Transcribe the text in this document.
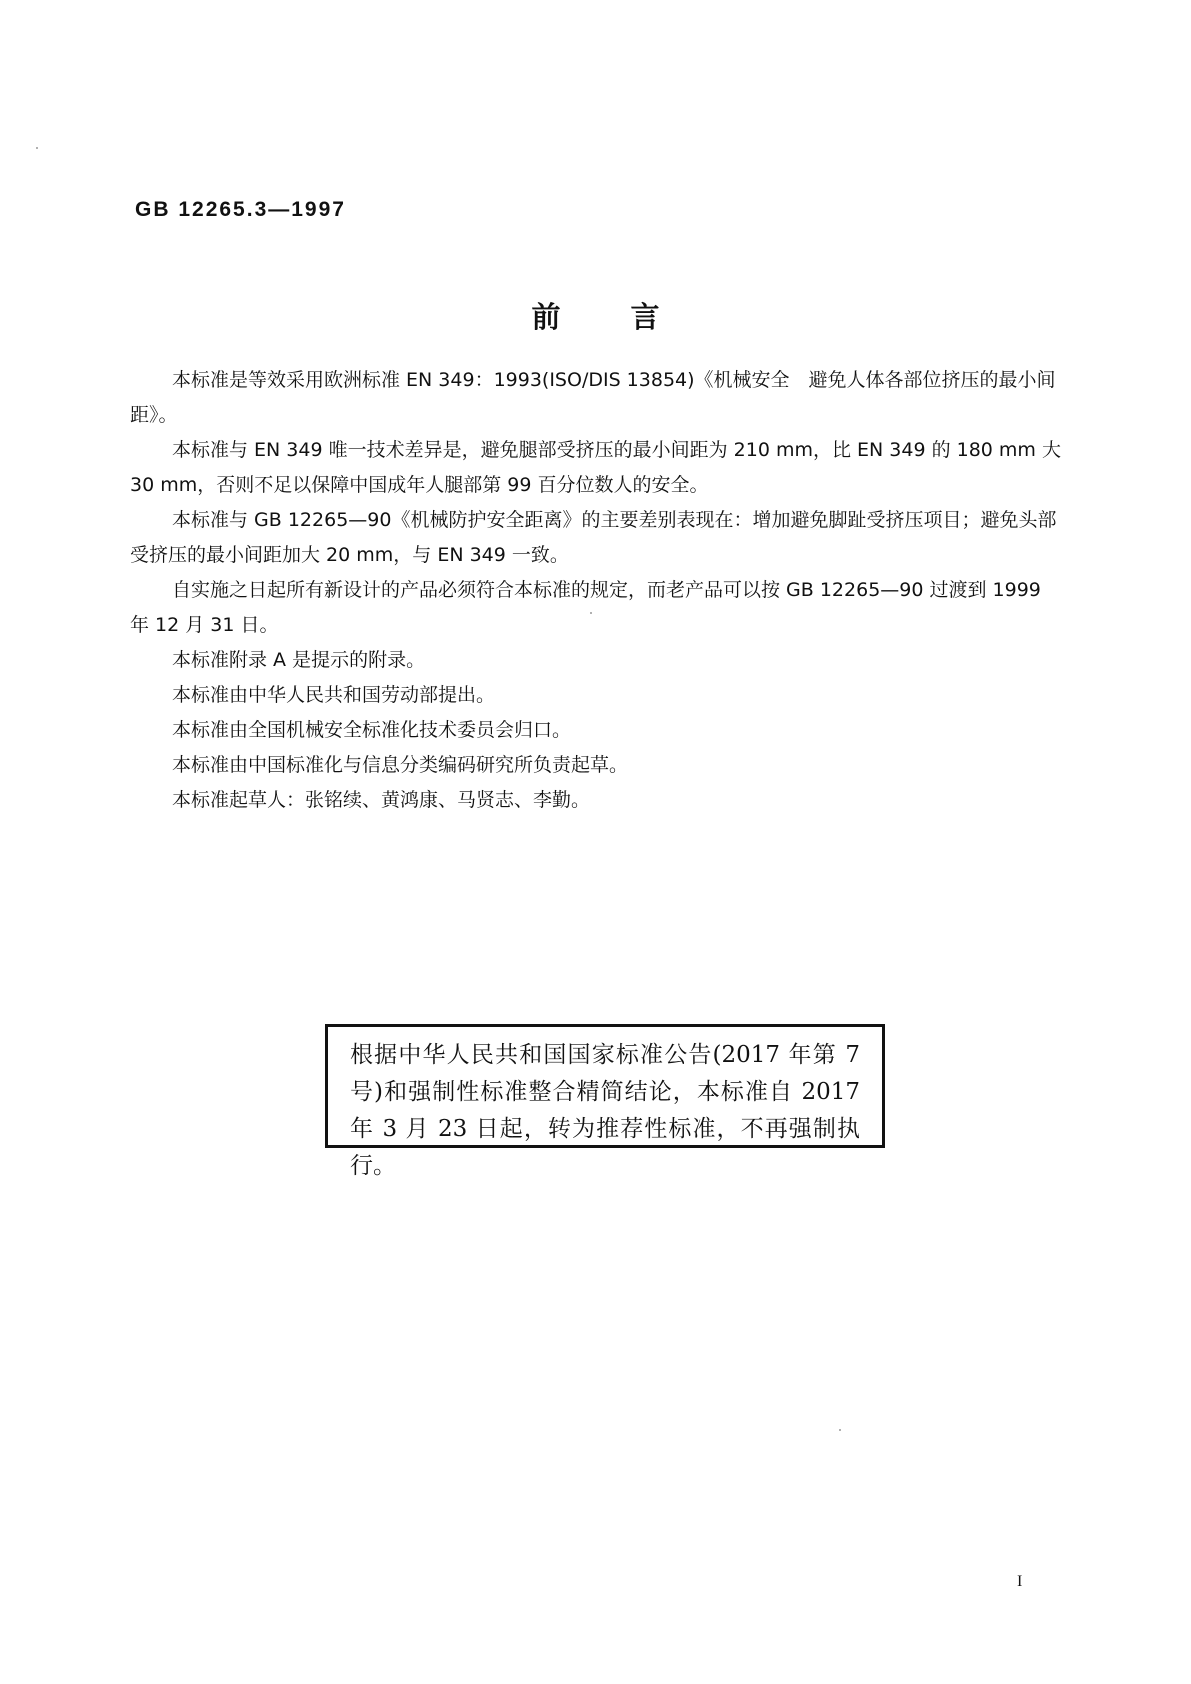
GB 12265.3—1997
前言

本标准是等效采用欧洲标准 EN 349：1993(ISO/DIS 13854)《机械安全　避免人体各部位挤压的最小间距》。

本标准与 EN 349 唯一技术差异是，避免腿部受挤压的最小间距为 210 mm，比 EN 349 的 180 mm 大 30 mm，否则不足以保障中国成年人腿部第 99 百分位数人的安全。

本标准与 GB 12265—90《机械防护安全距离》的主要差别表现在：增加避免脚趾受挤压项目；避免头部受挤压的最小间距加大 20 mm，与 EN 349 一致。

自实施之日起所有新设计的产品必须符合本标准的规定，而老产品可以按 GB 12265—90 过渡到 1999 年 12 月 31 日。

本标准附录 A 是提示的附录。

本标准由中华人民共和国劳动部提出。

本标准由全国机械安全标准化技术委员会归口。

本标准由中国标准化与信息分类编码研究所负责起草。

本标准起草人：张铭续、黄鸿康、马贤志、李勤。

根据中华人民共和国国家标准公告(2017 年第 7 号)和强制性标准整合精简结论，本标准自 2017 年 3 月 23 日起，转为推荐性标准，不再强制执行。
I
